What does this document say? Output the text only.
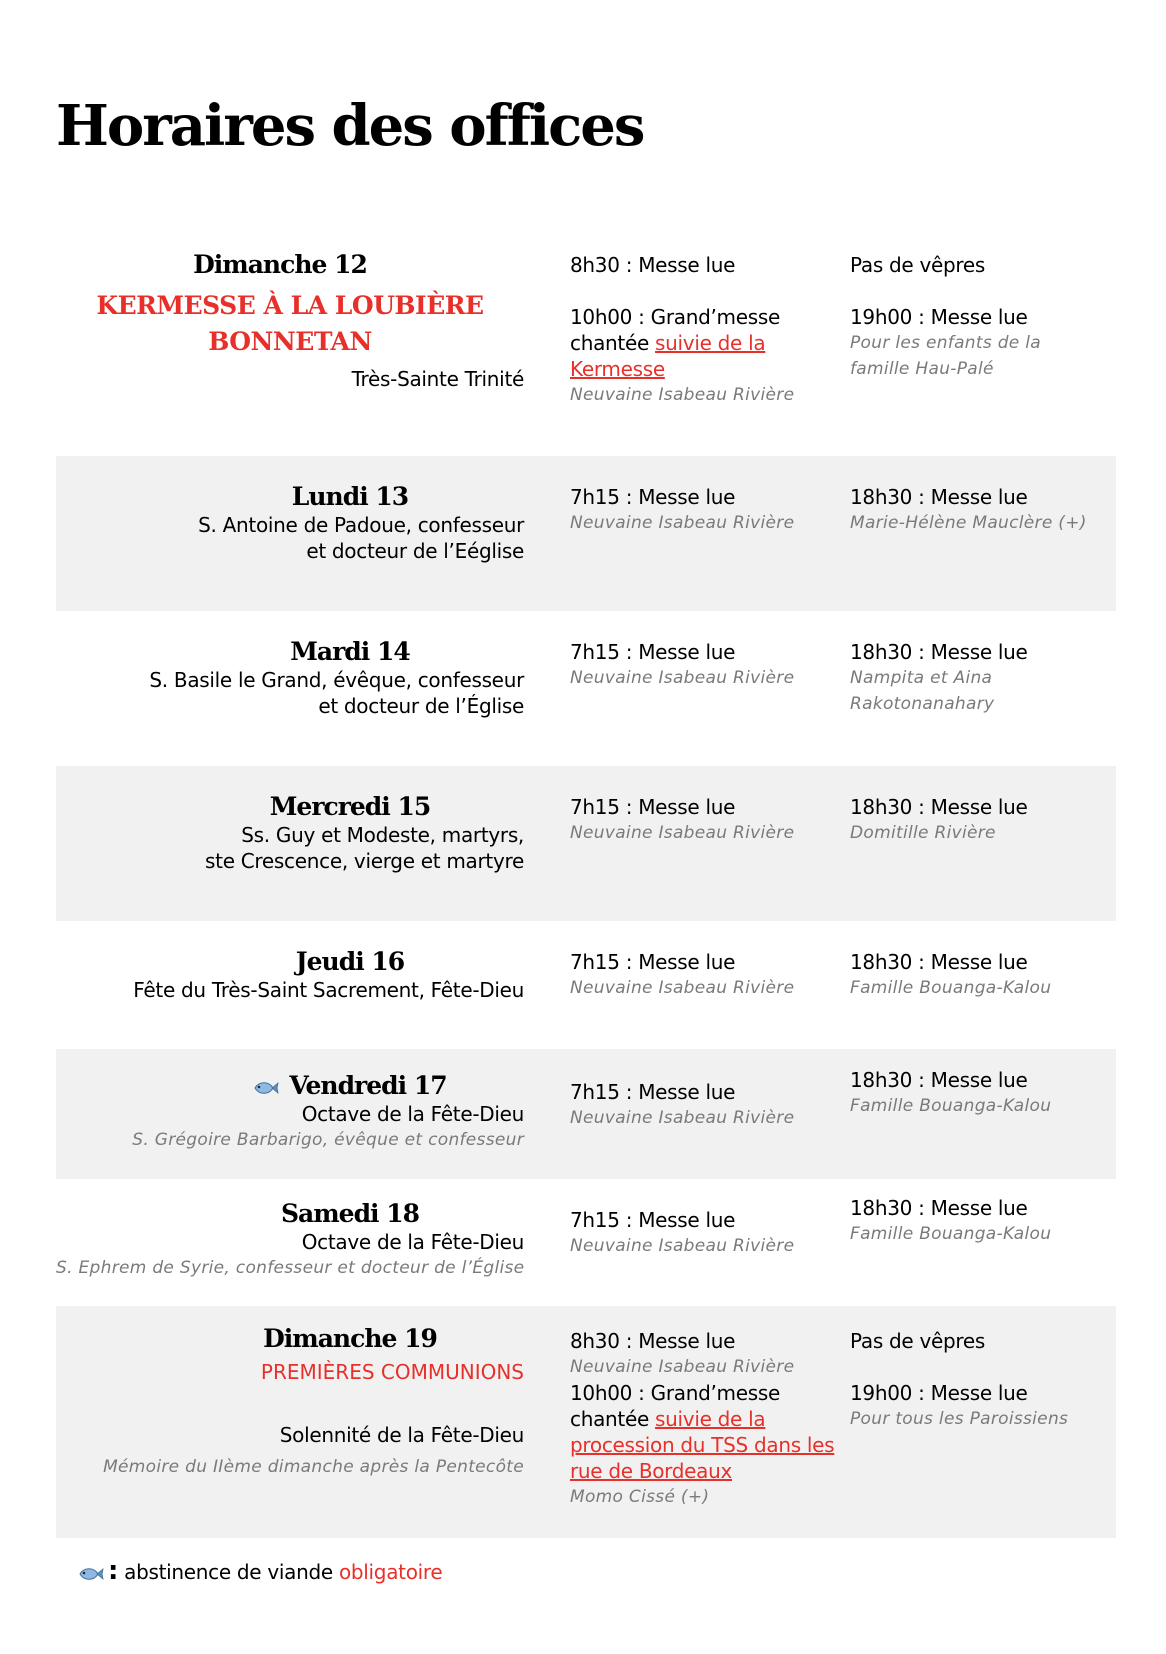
Horaires des offices
Dimanche 12
KERMESSE À LA LOUBIÈRE
BONNETAN
Très-Sainte Trinité
8h30 : Messe lue
10h00 : Grand’messe chantée suivie de la Kermesse
Neuvaine Isabeau Rivière
Pas de vêpres
19h00 : Messe lue
Pour les enfants de la famille Hau-Palé
Lundi 13
S. Antoine de Padoue, confesseur
et docteur de l’Eéglise
7h15 : Messe lue
Neuvaine Isabeau Rivière
18h30 : Messe lue
Marie-Hélène Mauclère (+)
Mardi 14
S. Basile le Grand, évêque, confesseur
et docteur de l’Église
7h15 : Messe lue
Neuvaine Isabeau Rivière
18h30 : Messe lue
Nampita et Aina
Rakotonanahary
Mercredi 15
Ss. Guy et Modeste, martyrs,
ste Crescence, vierge et martyre
7h15 : Messe lue
Neuvaine Isabeau Rivière
18h30 : Messe lue
Domitille Rivière
Jeudi 16
Fête du Très-Saint Sacrement, Fête-Dieu
7h15 : Messe lue
Neuvaine Isabeau Rivière
18h30 : Messe lue
Famille Bouanga-Kalou
Vendredi 17
Octave de la Fête-Dieu
S. Grégoire Barbarigo, évêque et confesseur
7h15 : Messe lue
Neuvaine Isabeau Rivière
18h30 : Messe lue
Famille Bouanga-Kalou
Samedi 18
Octave de la Fête-Dieu
S. Ephrem de Syrie, confesseur et docteur de l’Église
7h15 : Messe lue
Neuvaine Isabeau Rivière
18h30 : Messe lue
Famille Bouanga-Kalou
Dimanche 19
PREMIÈRES COMMUNIONS
Solennité de la Fête-Dieu
Mémoire du IIème dimanche après la Pentecôte
8h30 : Messe lue
Neuvaine Isabeau Rivière
10h00 : Grand’messe
chantée suivie de la
procession du TSS dans les
rue de Bordeaux
Momo Cissé (+)
Pas de vêpres
19h00 : Messe lue
Pour tous les Paroissiens
: abstinence de viande obligatoire
